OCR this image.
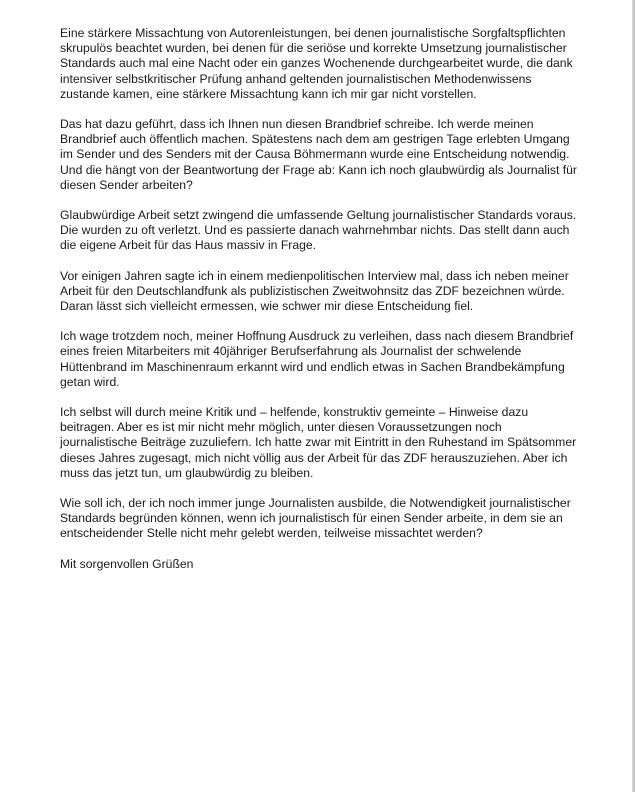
Eine stärkere Missachtung von Autorenleistungen, bei denen journalistische Sorgfaltspflichten skrupulös beachtet wurden, bei denen für die seriöse und korrekte Umsetzung journalistischer Standards auch mal eine Nacht oder ein ganzes Wochenende durchgearbeitet wurde, die dank intensiver selbstkritischer Prüfung anhand geltenden journalistischen Methodenwissens zustande kamen, eine stärkere Missachtung kann ich mir gar nicht vorstellen.

Das hat dazu geführt, dass ich Ihnen nun diesen Brandbrief schreibe. Ich werde meinen Brandbrief auch öffentlich machen. Spätestens nach dem am gestrigen Tage erlebten Umgang im Sender und des Senders mit der Causa Böhmermann wurde eine Entscheidung notwendig. Und die hängt von der Beantwortung der Frage ab: Kann ich noch glaubwürdig als Journalist für diesen Sender arbeiten?

Glaubwürdige Arbeit setzt zwingend die umfassende Geltung journalistischer Standards voraus. Die wurden zu oft verletzt. Und es passierte danach wahrnehmbar nichts. Das stellt dann auch die eigene Arbeit für das Haus massiv in Frage.

Vor einigen Jahren sagte ich in einem medienpolitischen Interview mal, dass ich neben meiner Arbeit für den Deutschlandfunk als publizistischen Zweitwohnsitz das ZDF bezeichnen würde. Daran lässt sich vielleicht ermessen, wie schwer mir diese Entscheidung fiel.

Ich wage trotzdem noch, meiner Hoffnung Ausdruck zu verleihen, dass nach diesem Brandbrief eines freien Mitarbeiters mit 40jähriger Berufserfahrung als Journalist der schwelende Hüttenbrand im Maschinenraum erkannt wird und endlich etwas in Sachen Brandbekämpfung getan wird.

Ich selbst will durch meine Kritik und – helfende, konstruktiv gemeinte – Hinweise dazu beitragen. Aber es ist mir nicht mehr möglich, unter diesen Voraussetzungen noch journalistische Beiträge zuzuliefern. Ich hatte zwar mit Eintritt in den Ruhestand im Spätsommer dieses Jahres zugesagt, mich nicht völlig aus der Arbeit für das ZDF herauszuziehen. Aber ich muss das jetzt tun, um glaubwürdig zu bleiben.

Wie soll ich, der ich noch immer junge Journalisten ausbilde, die Notwendigkeit journalistischer Standards begründen können, wenn ich journalistisch für einen Sender arbeite, in dem sie an entscheidender Stelle nicht mehr gelebt werden, teilweise missachtet werden?

Mit sorgenvollen Grüßen
